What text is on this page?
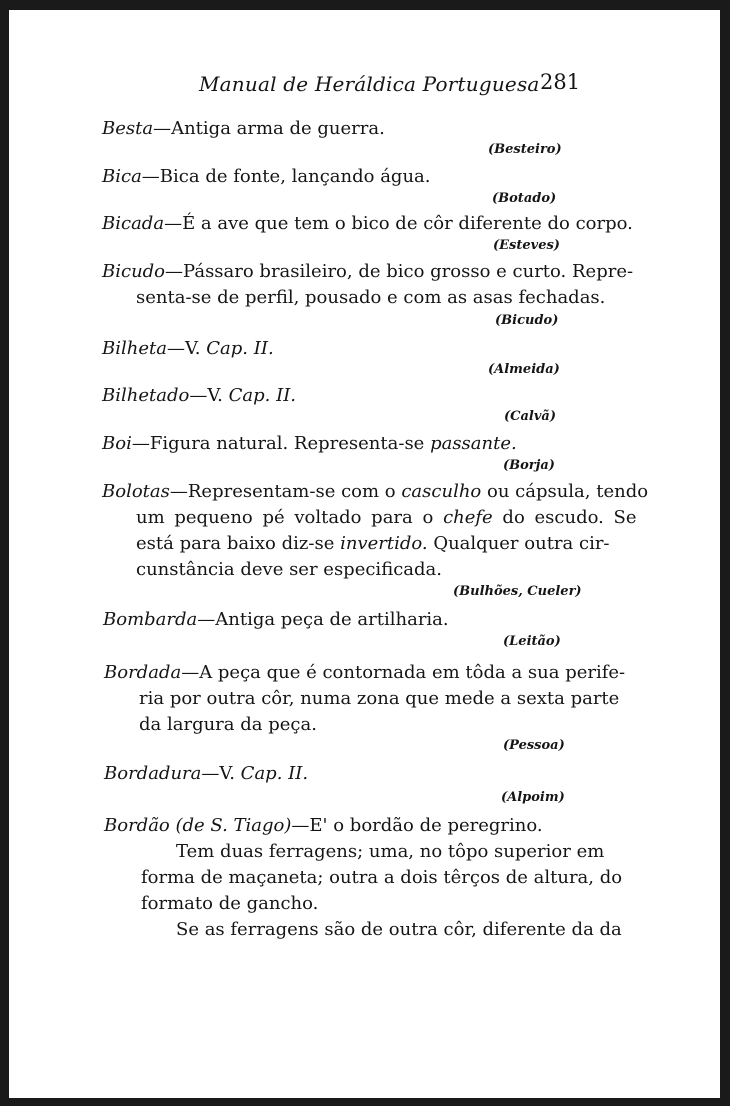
Manual de Heráldica Portuguesa 281
Besta—Antiga arma de guerra.
(Besteiro)
Bica—Bica de fonte, lançando água.
(Botado)
Bicada—É a ave que tem o bico de côr diferente do corpo.
(Esteves)
Bicudo—Pássaro brasileiro, de bico grosso e curto. Repre-
senta-se de perfil, pousado e com as asas fechadas.
(Bicudo)
Bilheta—V. Cap. II.
(Almeida)
Bilhetado—V. Cap. II.
(Calvã)
Boi—Figura natural. Representa-se passante.
(Borja)
Bolotas—Representam-se com o casculho ou cápsula, tendo
um pequeno pé voltado para o chefe do escudo. Se
está para baixo diz-se invertido. Qualquer outra cir-
cunstância deve ser especificada.
(Bulhões, Cueler)
Bombarda—Antiga peça de artilharia.
(Leitão)
Bordada—A peça que é contornada em tôda a sua perife-
ria por outra côr, numa zona que mede a sexta parte
da largura da peça.
(Pessoa)
Bordadura—V. Cap. II.
(Alpoim)
Bordão (de S. Tiago)—E' o bordão de peregrino.
Tem duas ferragens; uma, no tôpo superior em
forma de maçaneta; outra a dois têrços de altura, do
formato de gancho.
Se as ferragens são de outra côr, diferente da da
